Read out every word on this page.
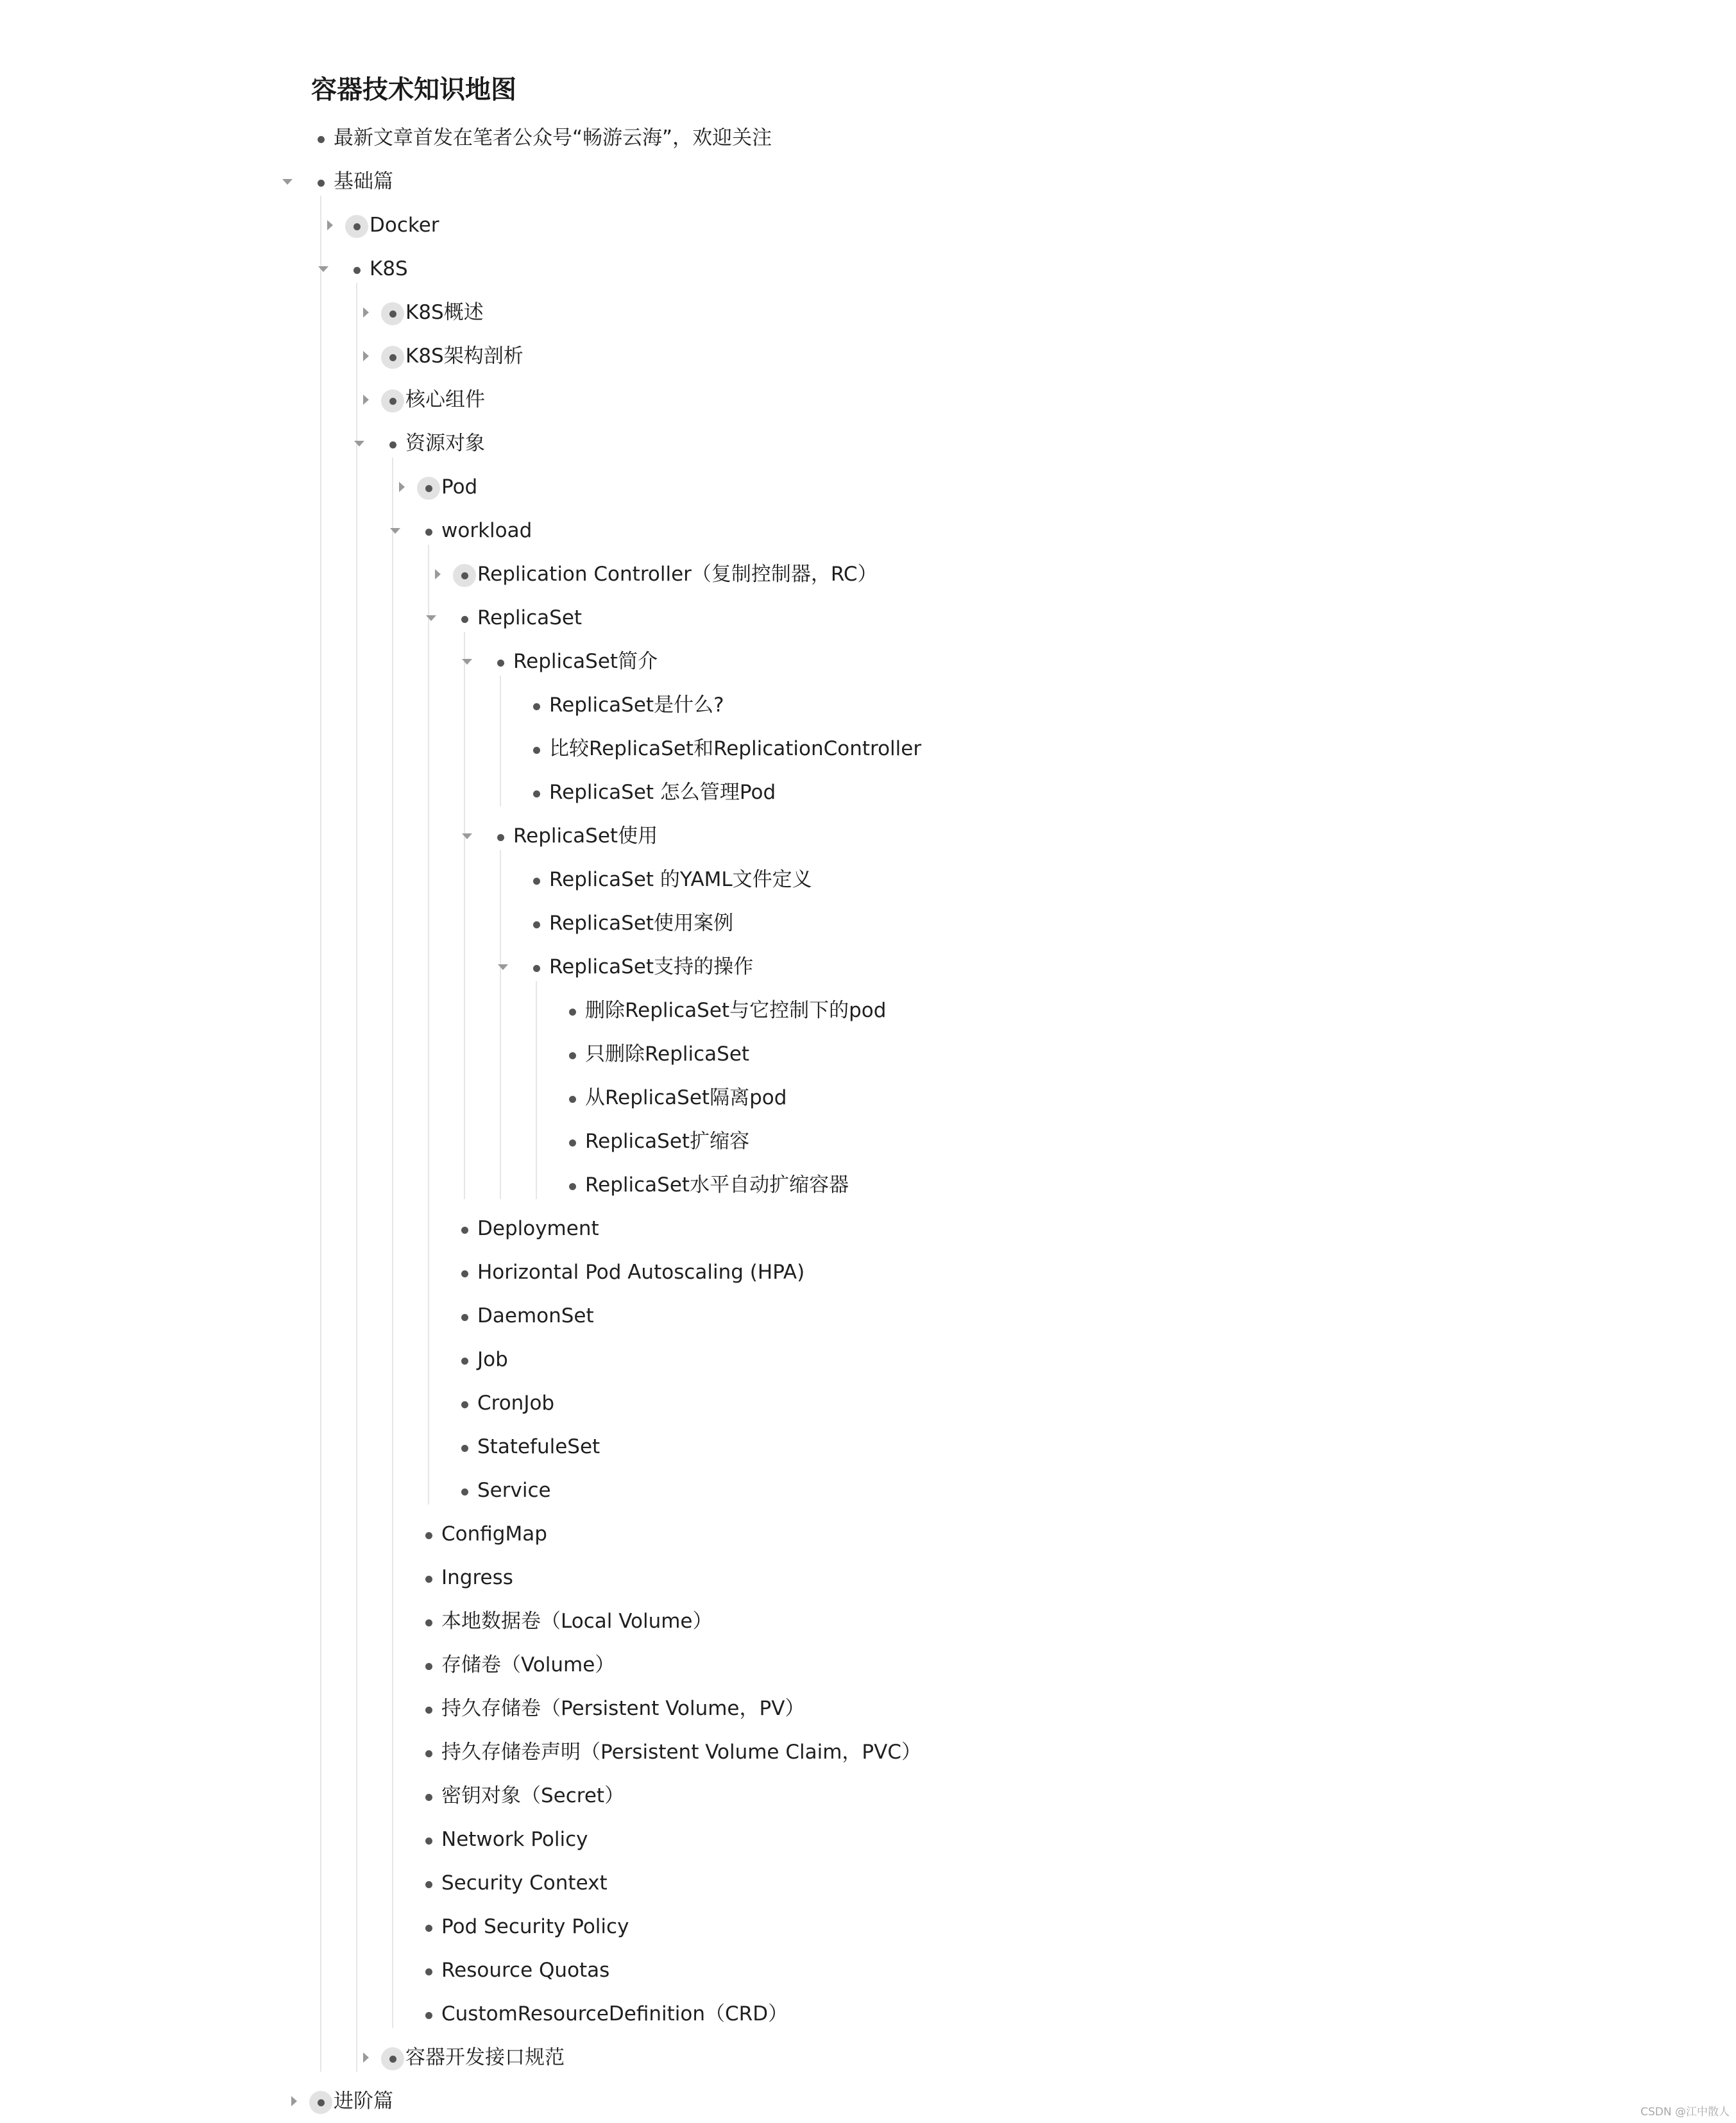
容器技术知识地图
最新文章首发在笔者公众号“畅游云海”，欢迎关注
基础篇
Docker
K8S
K8S概述
K8S架构剖析
核心组件
资源对象
Pod
workload
Replication Controller（复制控制器，RC）
ReplicaSet
ReplicaSet简介
ReplicaSet是什么?
比较ReplicaSet和ReplicationController
ReplicaSet 怎么管理Pod
ReplicaSet使用
ReplicaSet 的YAML文件定义
ReplicaSet使用案例
ReplicaSet支持的操作
删除ReplicaSet与它控制下的pod
只删除ReplicaSet
从ReplicaSet隔离pod
ReplicaSet扩缩容
ReplicaSet水平自动扩缩容器
Deployment
Horizontal Pod Autoscaling (HPA)
DaemonSet
Job
CronJob
StatefuleSet
Service
ConfigMap
Ingress
本地数据卷（Local Volume）
存储卷（Volume）
持久存储卷（Persistent Volume，PV）
持久存储卷声明（Persistent Volume Claim，PVC）
密钥对象（Secret）
Network Policy
Security Context
Pod Security Policy
Resource Quotas
CustomResourceDefinition（CRD）
容器开发接口规范
进阶篇	CSDN @江中散人
